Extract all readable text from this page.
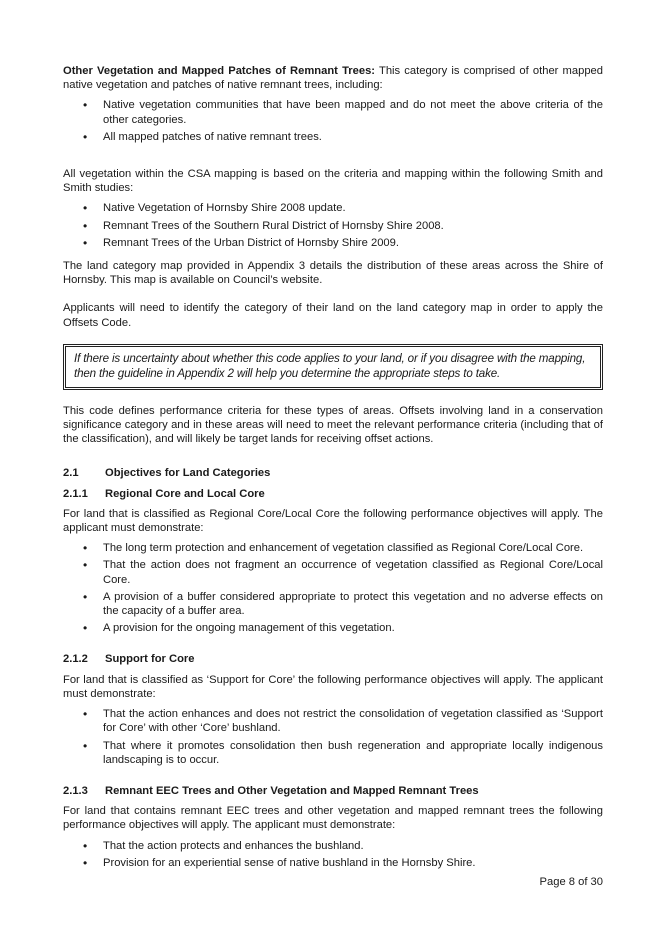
Other Vegetation and Mapped Patches of Remnant Trees: This category is comprised of other mapped native vegetation and patches of native remnant trees, including:

• Native vegetation communities that have been mapped and do not meet the above criteria of the other categories.
• All mapped patches of native remnant trees.

All vegetation within the CSA mapping is based on the criteria and mapping within the following Smith and Smith studies:

• Native Vegetation of Hornsby Shire 2008 update.
• Remnant Trees of the Southern Rural District of Hornsby Shire 2008.
• Remnant Trees of the Urban District of Hornsby Shire 2009.

The land category map provided in Appendix 3 details the distribution of these areas across the Shire of Hornsby. This map is available on Council’s website.

Applicants will need to identify the category of their land on the land category map in order to apply the Offsets Code.

If there is uncertainty about whether this code applies to your land, or if you disagree with the mapping, then the guideline in Appendix 2 will help you determine the appropriate steps to take.

This code defines performance criteria for these types of areas. Offsets involving land in a conservation significance category and in these areas will need to meet the relevant performance criteria (including that of the classification), and will likely be target lands for receiving offset actions.

2.1	Objectives for Land Categories
2.1.1	Regional Core and Local Core

For land that is classified as Regional Core/Local Core the following performance objectives will apply. The applicant must demonstrate:

• The long term protection and enhancement of vegetation classified as Regional Core/Local Core.
• That the action does not fragment an occurrence of vegetation classified as Regional Core/Local Core.
• A provision of a buffer considered appropriate to protect this vegetation and no adverse effects on the capacity of a buffer area.
• A provision for the ongoing management of this vegetation.
2.1.2	Support for Core

For land that is classified as ‘Support for Core’ the following performance objectives will apply. The applicant must demonstrate:

• That the action enhances and does not restrict the consolidation of vegetation classified as ‘Support for Core’ with other ‘Core’ bushland.
• That where it promotes consolidation then bush regeneration and appropriate locally indigenous landscaping is to occur.
2.1.3	Remnant EEC Trees and Other Vegetation and Mapped Remnant Trees

For land that contains remnant EEC trees and other vegetation and mapped remnant trees the following performance objectives will apply. The applicant must demonstrate:

• That the action protects and enhances the bushland.
• Provision for an experiential sense of native bushland in the Hornsby Shire.
Page 8 of 30
